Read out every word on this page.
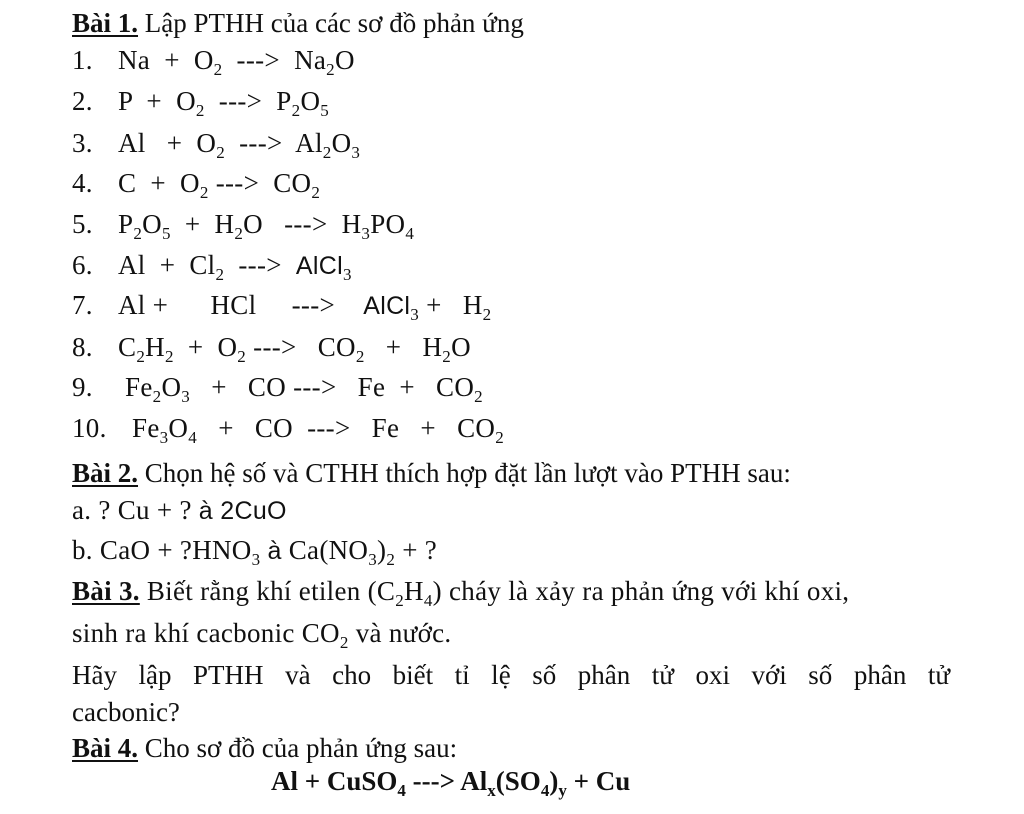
Bài 1. Lập PTHH của các sơ đồ phản ứng
1. $Na + O_2$  --->  $Na_2O$
2. $P + O_2$  --->  $P_2O_5$
3. $Al + O_2$  --->  $Al_2O_3$
4. $C + O_2$ --->  $CO_2$
5. $P_2O_5 + H_2O$   --->  $H_3PO_4$
6. $Al + Cl_2$  --->  AlCl$_3$
7. Al +      HCl     --->    AlCl$_3$ +   $H_2$
8. $C_2H_2 + O_2$ --->   $CO_2 + H_2O$
9. $Fe_2O_3$   +   CO --->   $Fe + CO_2$
10. $Fe_3O_4$   +   CO  --->   $Fe + CO_2$
Bài 2. Chọn hệ số và CTHH thích hợp đặt lần lượt vào PTHH sau:
a. ? Cu + ? à 2CuO
b. CaO + $?HNO_3$ à $Ca(NO_3)_2$ + ?
Bài 3. Biết rằng khí etilen $(C_2H_4)$ cháy là xảy ra phản ứng với khí oxi,
sinh ra khí cacbonic $CO_2$ và nước.
Hãy lập PTHH và cho biết tỉ lệ số phân tử oxi với số phân tử
cacbonic?
Bài 4. Cho sơ đồ của phản ứng sau:
Al + CuSO$_4$ ---> $Al_x(SO_4)_y + Cu$
